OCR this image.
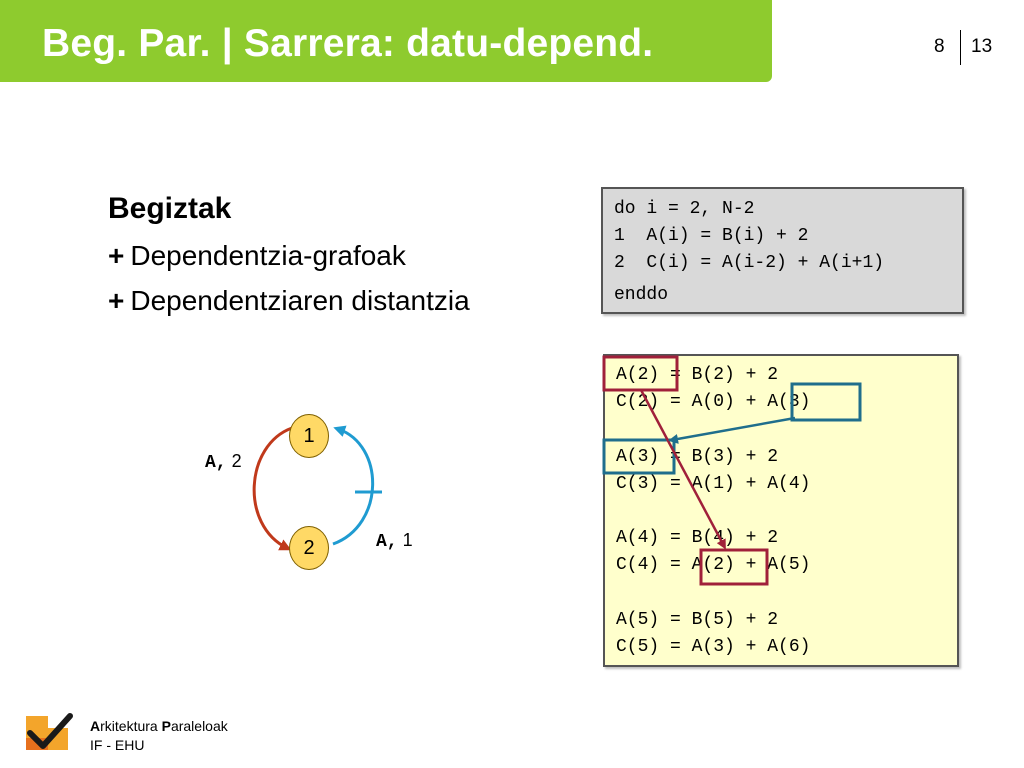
Beg. Par. | Sarrera: datu-depend.	8 13
Begiztak
+ Dependentzia-grafoak
+ Dependentziaren distantzia
do i = 2, N-2
1  A(i) = B(i) + 2
2  C(i) = A(i-2) + A(i+1)
enddo
A(2) = B(2) + 2
C(2) = A(0) + A(3)
A(3) = B(3) + 2
C(3) = A(1) + A(4)
A(4) = B(4) + 2
C(4) = A(2) + A(5)
A(5) = B(5) + 2
C(5) = A(3) + A(6)
1
2
A, 2
A, 1
Arkitektura Paraleloak
IF - EHU
